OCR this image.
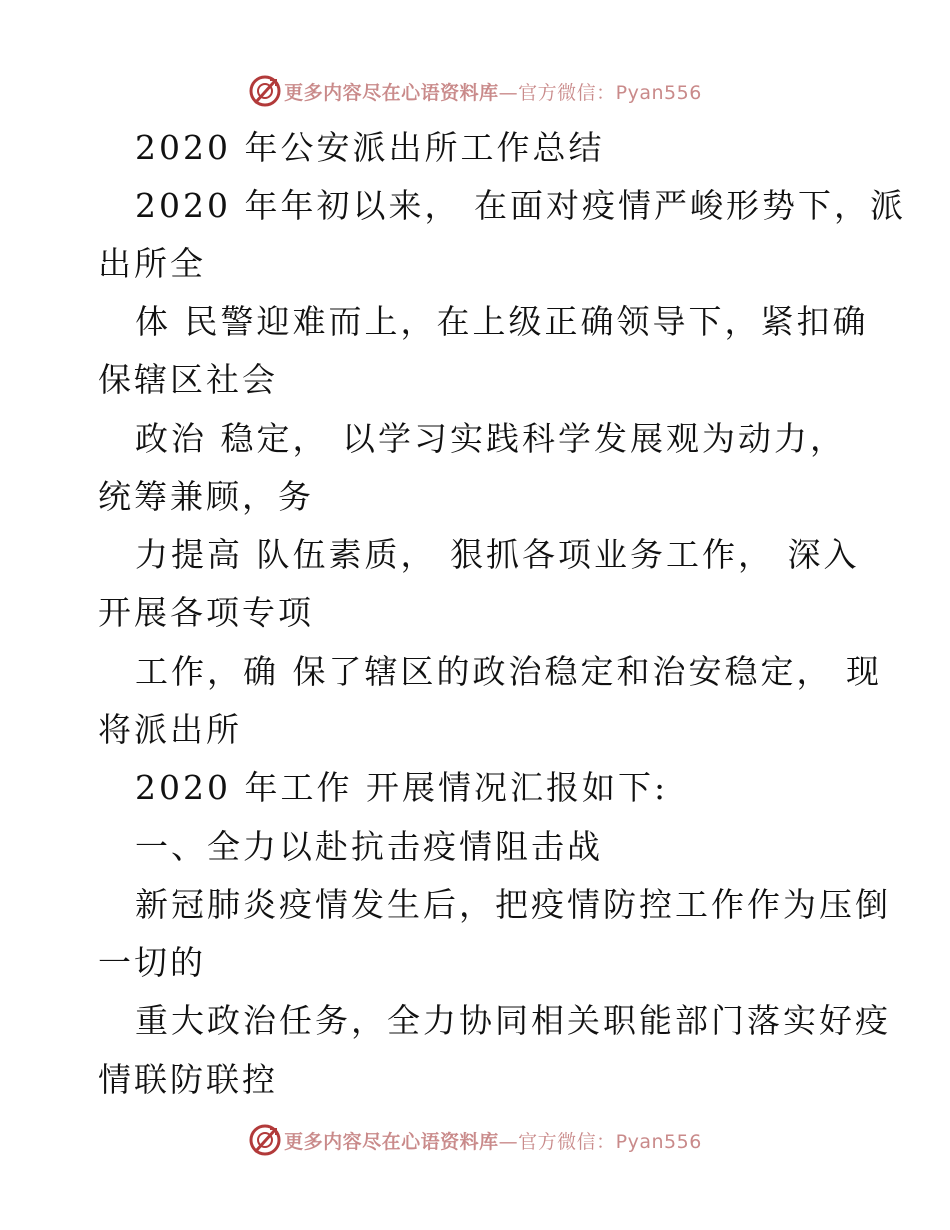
更多内容尽在心语资料库—官方微信：Pyan556
2020 年公安派出所工作总结
2020 年年初以来， 在面对疫情严峻形势下，派
出所全
体 民警迎难而上，在上级正确领导下，紧扣确
保辖区社会
政治 稳定， 以学习实践科学发展观为动力，
统筹兼顾，务
力提高 队伍素质， 狠抓各项业务工作， 深入
开展各项专项
工作，确 保了辖区的政治稳定和治安稳定， 现
将派出所
2020 年工作 开展情况汇报如下:
一、全力以赴抗击疫情阻击战
新冠肺炎疫情发生后，把疫情防控工作作为压倒
一切的
重大政治任务，全力协同相关职能部门落实好疫
情联防联控
更多内容尽在心语资料库—官方微信：Pyan556
